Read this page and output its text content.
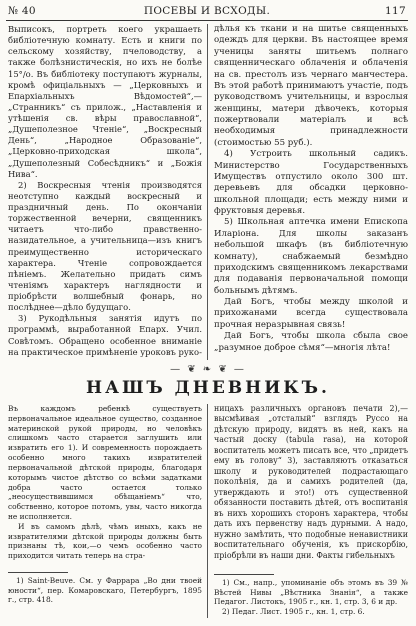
№ 40	ПОСЕВЫ И ВСХОДЫ.	117

Выписокъ, портреть коего украшаеть библіотечную комнату. Есть и книги по сельскому хозяйству, пчеловодству, а также болѣзнистическія, но ихъ не болѣе 15°/о. Въ библіотеку поступаютъ журналы, кромѣ офиціальныхъ — „Церковныхъ и Епархіальныхъ Вѣдомостей“,—„Странникъ“ съ прилож., „Наставленія и утѣшенія св. вѣры православной“, „Душеполезное Чтеніе“, „Воскресный День“, „Народное Образованіе“, „Церковно-приходская школа“, „Душеполезный Собесѣдникъ“ и „Божія Нива“.

2) Воскресныя чтенія производятся неотступно каждый воскресный и праздничный день. По окончаніи торжественной вечерни, священникъ читаетъ что-либо правственно-назидательное, а учительница—изъ книгъ преимущественно историческаго характера. Чтеніе сопровождается пѣніемъ. Желательно придать симъ чтеніямъ характеръ наглядности и пріобрѣсти волшебный фонарь, но послѣднее—дѣло будущаго.

3) Рукодѣльныя занятія идутъ по программѣ, выработанной Епарх. Учил. Совѣтомъ. Обращено особенное вниманіе на практическое примѣненіе уроковъ руко-

дѣлья къ ткани и на шитье священныхъ одеждъ для церкви. Въ настоящее время ученицы заняты шитьемъ полнаго священническаго облаченія и облаченія на св. престолъ изъ чернаго манчестера. Въ этой работѣ принимаютъ участіе, подъ руководствомъ учительницы, и взрослыя женщины, матери дѣвочекъ, которыя пожертвовали матеріалъ и всѣ необходимыя принадлежности (стоимостью 55 руб.).

4) Устроить школьный садикъ. Министерство Государственныхъ Имуществъ отпустило около 300 шт. деревьевъ для обсадки церковно-школьной площади; есть между ними и фруктовыя деревья.

5) Школьная аптечка имени Епископа Иларіона. Для школы заказанъ небольшой шкафъ (въ библіотечную комнату), снабжаемый безмѣдно приходскимъ священникомъ лекарствами для подаванія первоначальной помощи больнымъ дѣтямъ.

Дай Богъ, чтобы между школой и прихожанами всегда существовала прочная неразрывная связь!

Дай Богъ, чтобы школа сбыла свое „разумное доброе сѣмя“—многія лѣта!

— ❦ ❧ ❦ —
НАШЪ ДНЕВНИКЪ.

Въ каждомъ ребенкѣ существуетъ первоначальное идеальное существо, созданное материнской рукой природы, но человѣкъ слишкомъ часто старается заглушить или извратить его 1). И современность порождаетъ особенно много такихъ извратителей первоначальной дѣтской природы, благодаря которымъ чистое дѣтство со всѣми задатками добра часто остается только „неосуществившимся обѣщаніемъ“ что, собственно, которое потомъ, увы, часто никогда не исполняется.

И въ самомъ дѣлѣ, чѣмъ иныхъ, какъ не извратителями дѣтской природы должны быть признаны тѣ, кои,—о чемъ особенно часто приходится читать теперь на стра-

ницахъ различныхъ органовъ печати 2),—высмѣивая „отсталый“ взглядъ Руссо на дѣтскую природу, видятъ въ ней, какъ на частый доску (tabula rasa), на которой воспитатель можетъ писать все, что „придетъ ему въ голову“ 3), заставляютъ отказаться школу и руководителей подрастающаго поколѣнія, да и самихъ родителей (да, утверждають и это!) отъ существенной обязанности поставить дѣтей, отъ воспитанія въ нихъ хорошихъ сторонъ характера, чтобы дать ихъ первенству надъ дурными. А надо, нужно замѣтить, что подобные ненавистники воспитательнаго обученія, къ прискорбію, пріобрѣли въ наши дни. Факты гибельныхъ

1) Saint-Beuve. См. у Фаррара „Во дни твоей юности“, пер. Комаровскаго, Петербургъ, 1895 г., стр. 418.

1) См., напр., упоминаніе объ этомъ въ 39 № Вѣстей Нивы „Вѣстника Знанія“, а также Педагог. Листокъ, 1905 г., кн. 1, стр. 3, 6 и др.

2) Педаг. Лист. 1905 г., кн. 1, стр. 6.
